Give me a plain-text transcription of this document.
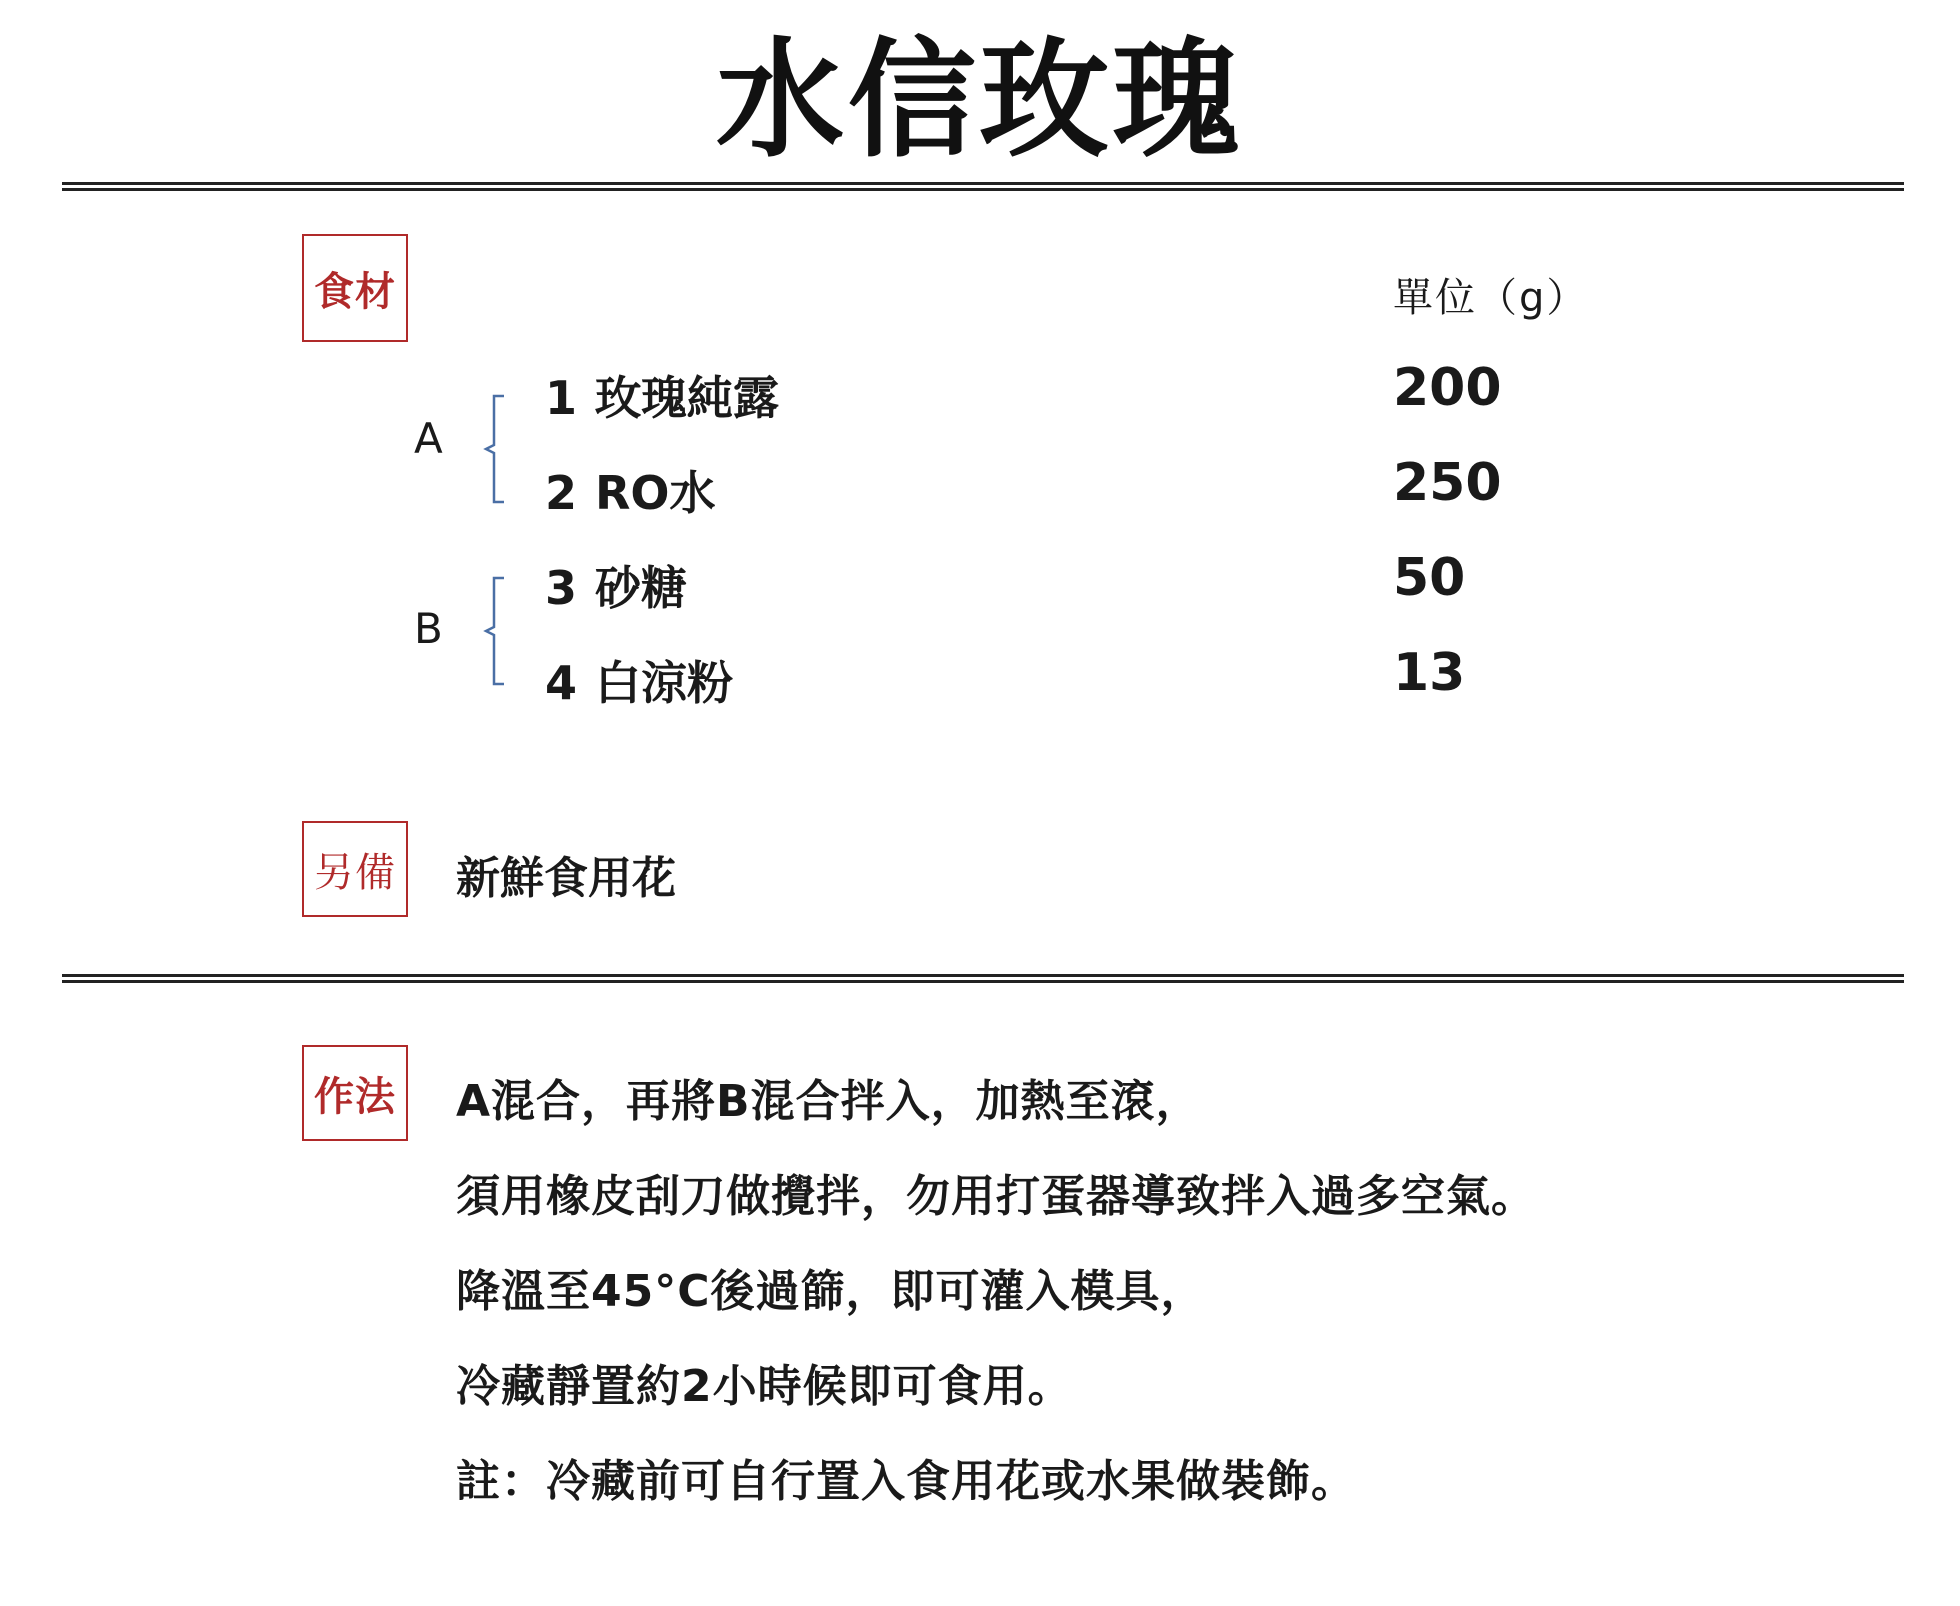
水信玫瑰
食材	單位（g）
A
1 玫瑰純露	200
2 RO水	250
B
3 砂糖	50
4 白涼粉	13
另備 新鮮食用花
作法 A混合，再將B混合拌入，加熱至滾，
須用橡皮刮刀做攪拌，勿用打蛋器導致拌入過多空氣。
降溫至45°C後過篩，即可灌入模具，
冷藏靜置約2小時候即可食用。
註：冷藏前可自行置入食用花或水果做裝飾。
